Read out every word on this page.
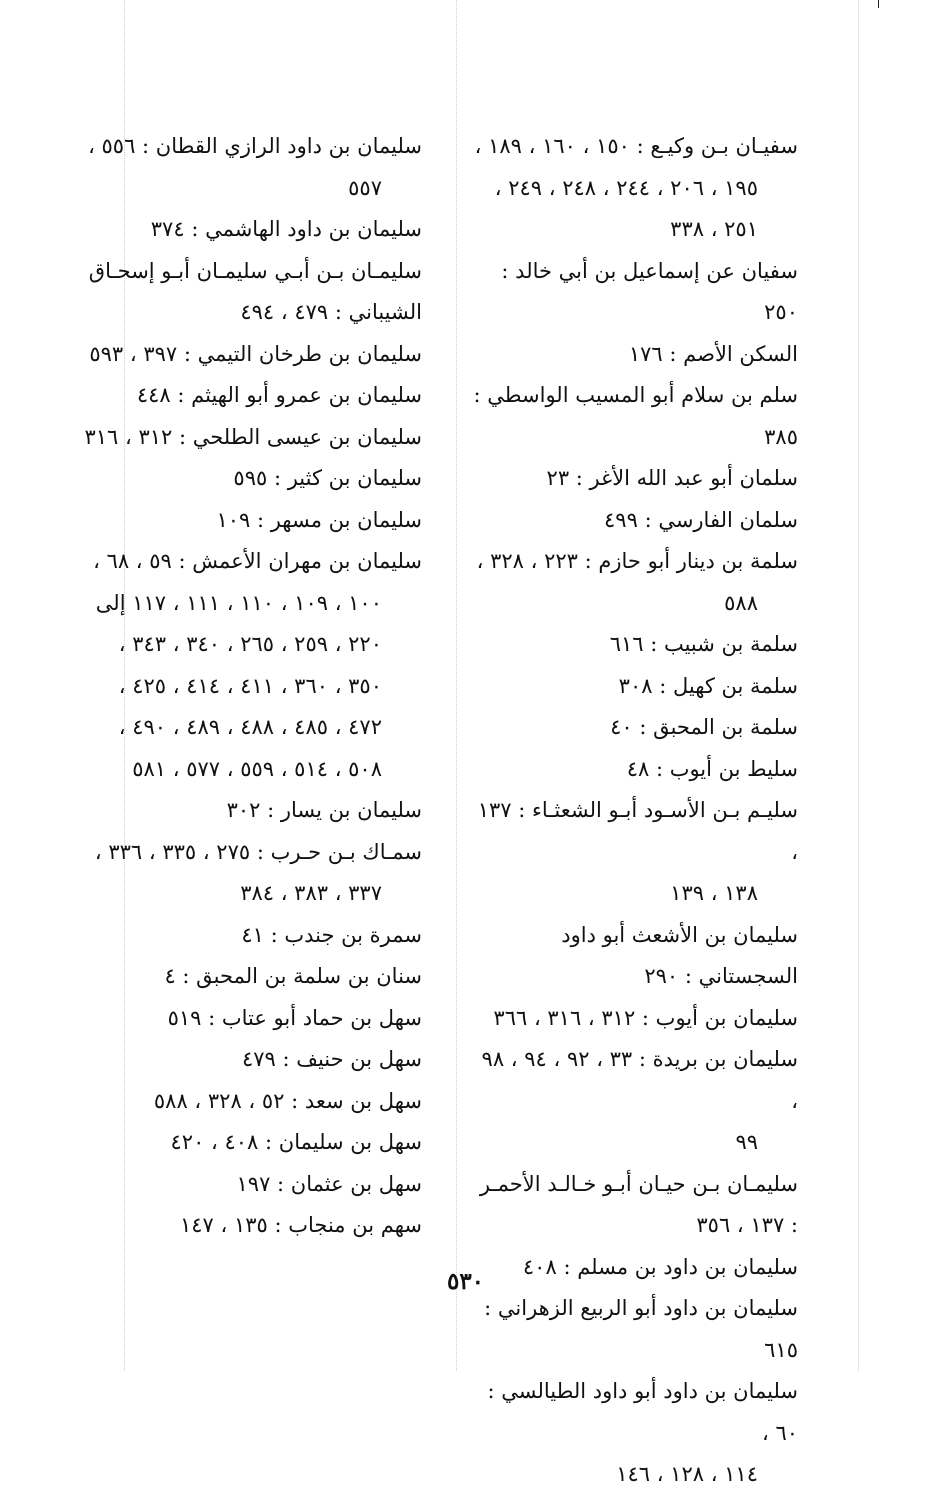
سفيـان بـن وكيـع : ١٥٠ ، ١٦٠ ، ١٨٩ ،
١٩٥ ، ٢٠٦ ، ٢٤٤ ، ٢٤٨ ، ٢٤٩ ،
٢٥١ ، ٣٣٨
سفيان عن إسماعيل بن أبي خالد : ٢٥٠
السكن الأصم : ١٧٦
سلم بن سلام أبو المسيب الواسطي : ٣٨٥
سلمان أبو عبد الله الأغر : ٢٣
سلمان الفارسي : ٤٩٩
سلمة بن دينار أبو حازم : ٢٢٣ ، ٣٢٨ ،
٥٨٨
سلمة بن شبيب : ٦١٦
سلمة بن كهيل : ٣٠٨
سلمة بن المحبق : ٤٠
سليط بن أيوب : ٤٨
سليـم بـن الأسـود أبـو الشعثـاء : ١٣٧ ،
١٣٨ ، ١٣٩
سليمان بن الأشعث أبو داود السجستاني : ٢٩٠
سليمان بن أيوب : ٣١٢ ، ٣١٦ ، ٣٦٦
سليمان بن بريدة : ٣٣ ، ٩٢ ، ٩٤ ، ٩٨ ،
٩٩
سليمـان بـن حيـان أبـو خـالـد الأحمـر : ١٣٧ ، ٣٥٦
سليمان بن داود بن مسلم : ٤٠٨
سليمان بن داود أبو الربيع الزهراني : ٦١٥
سليمان بن داود أبو داود الطيالسي : ٦٠ ،
١١٤ ، ١٢٨ ، ١٤٦
سليمان بن داود الرازي القطان : ٥٥٦ ،
٥٥٧
سليمان بن داود الهاشمي : ٣٧٤
سليمـان بـن أبـي سليمـان أبـو إسحـاق الشيباني : ٤٧٩ ، ٤٩٤
سليمان بن طرخان التيمي : ٣٩٧ ، ٥٩٣
سليمان بن عمرو أبو الهيثم : ٤٤٨
سليمان بن عيسى الطلحي : ٣١٢ ، ٣١٦
سليمان بن كثير : ٥٩٥
سليمان بن مسهر : ١٠٩
سليمان بن مهران الأعمش : ٥٩ ، ٦٨ ،
١٠٠ ، ١٠٩ ، ١١٠ ، ١١١ ، ١١٧ إلى
٢٢٠ ، ٢٥٩ ، ٢٦٥ ، ٣٤٠ ، ٣٤٣ ،
٣٥٠ ، ٣٦٠ ، ٤١١ ، ٤١٤ ، ٤٢٥ ،
٤٧٢ ، ٤٨٥ ، ٤٨٨ ، ٤٨٩ ، ٤٩٠ ،
٥٠٨ ، ٥١٤ ، ٥٥٩ ، ٥٧٧ ، ٥٨١
سليمان بن يسار : ٣٠٢
سمـاك بـن حـرب : ٢٧٥ ، ٣٣٥ ، ٣٣٦ ،
٣٣٧ ، ٣٨٣ ، ٣٨٤
سمرة بن جندب : ٤١
سنان بن سلمة بن المحبق : ٤
سهل بن حماد أبو عتاب : ٥١٩
سهل بن حنيف : ٤٧٩
سهل بن سعد : ٥٢ ، ٣٢٨ ، ٥٨٨
سهل بن سليمان : ٤٠٨ ، ٤٢٠
سهل بن عثمان : ١٩٧
سهم بن منجاب : ١٣٥ ، ١٤٧
٥٣٠
